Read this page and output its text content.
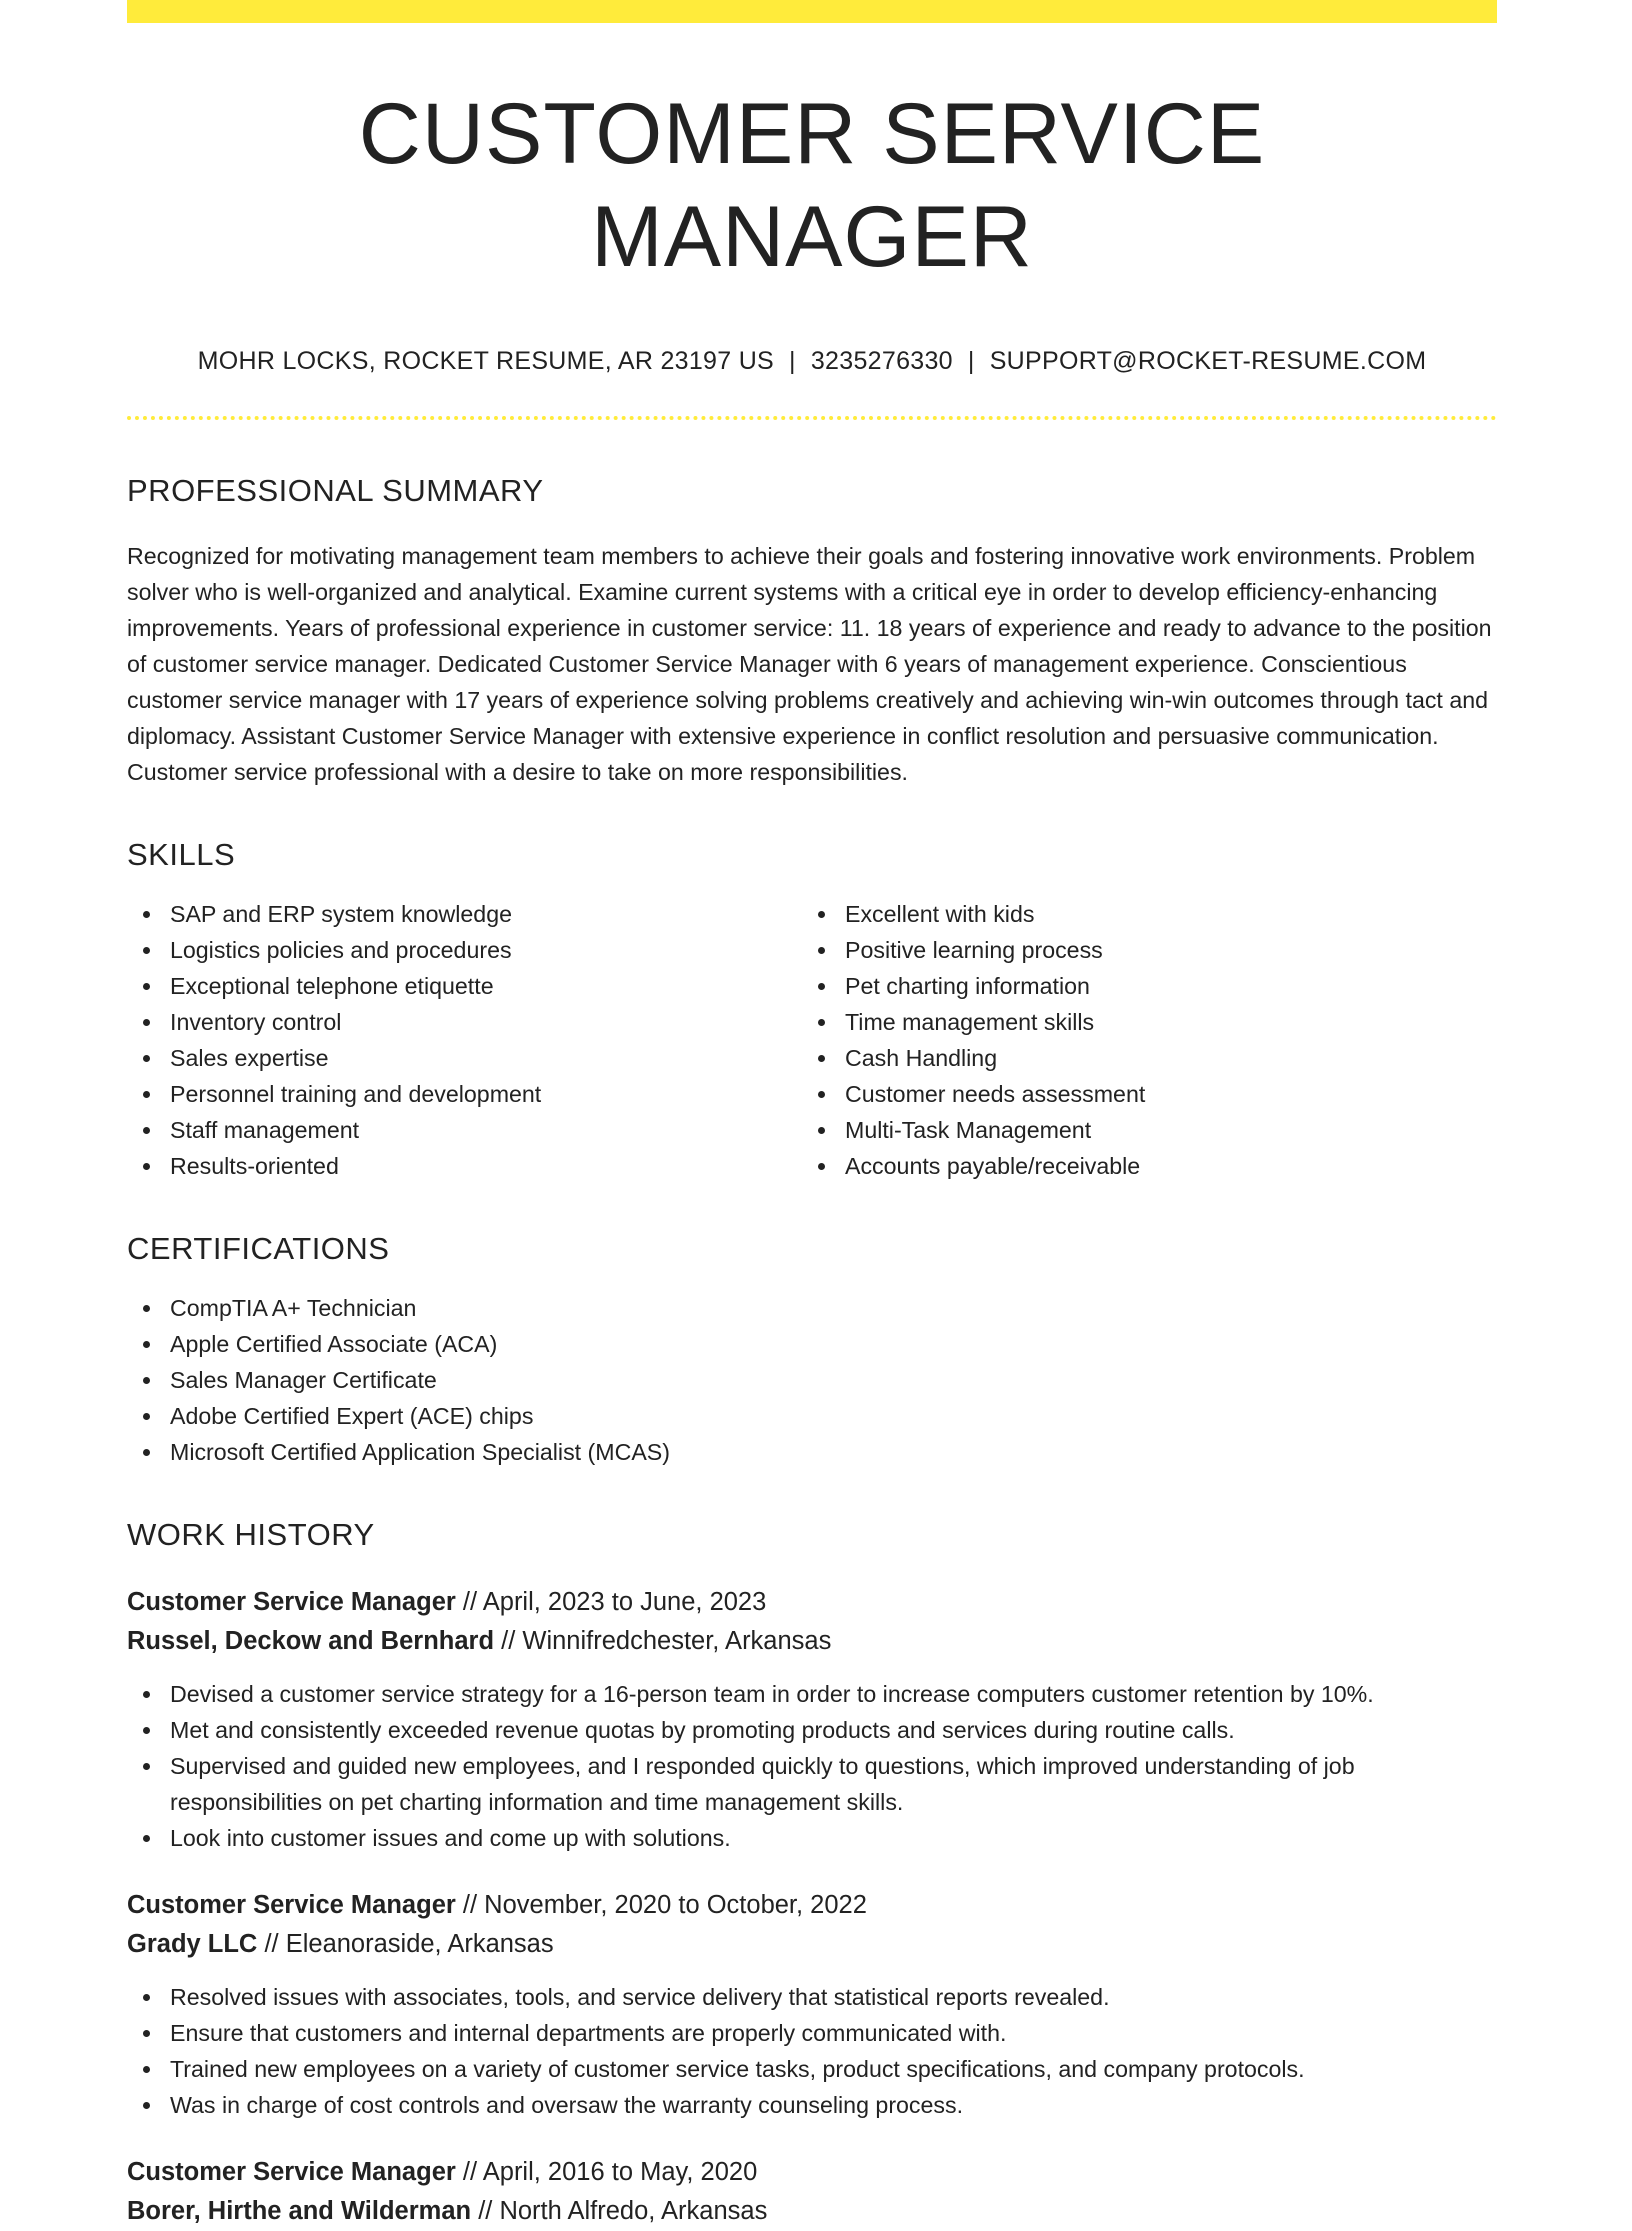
CUSTOMER SERVICE MANAGER
MOHR LOCKS, ROCKET RESUME, AR 23197 US | 3235276330 | SUPPORT@ROCKET-RESUME.COM
PROFESSIONAL SUMMARY
Recognized for motivating management team members to achieve their goals and fostering innovative work environments. Problem solver who is well-organized and analytical. Examine current systems with a critical eye in order to develop efficiency-enhancing improvements. Years of professional experience in customer service: 11. 18 years of experience and ready to advance to the position of customer service manager. Dedicated Customer Service Manager with 6 years of management experience. Conscientious customer service manager with 17 years of experience solving problems creatively and achieving win-win outcomes through tact and diplomacy. Assistant Customer Service Manager with extensive experience in conflict resolution and persuasive communication. Customer service professional with a desire to take on more responsibilities.
SKILLS
SAP and ERP system knowledge
Logistics policies and procedures
Exceptional telephone etiquette
Inventory control
Sales expertise
Personnel training and development
Staff management
Results-oriented
Excellent with kids
Positive learning process
Pet charting information
Time management skills
Cash Handling
Customer needs assessment
Multi-Task Management
Accounts payable/receivable
CERTIFICATIONS
CompTIA A+ Technician
Apple Certified Associate (ACA)
Sales Manager Certificate
Adobe Certified Expert (ACE) chips
Microsoft Certified Application Specialist (MCAS)
WORK HISTORY
Customer Service Manager // April, 2023 to June, 2023
Russel, Deckow and Bernhard // Winnifredchester, Arkansas
Devised a customer service strategy for a 16-person team in order to increase computers customer retention by 10%.
Met and consistently exceeded revenue quotas by promoting products and services during routine calls.
Supervised and guided new employees, and I responded quickly to questions, which improved understanding of job responsibilities on pet charting information and time management skills.
Look into customer issues and come up with solutions.
Customer Service Manager // November, 2020 to October, 2022
Grady LLC // Eleanoraside, Arkansas
Resolved issues with associates, tools, and service delivery that statistical reports revealed.
Ensure that customers and internal departments are properly communicated with.
Trained new employees on a variety of customer service tasks, product specifications, and company protocols.
Was in charge of cost controls and oversaw the warranty counseling process.
Customer Service Manager // April, 2016 to May, 2020
Borer, Hirthe and Wilderman // North Alfredo, Arkansas
